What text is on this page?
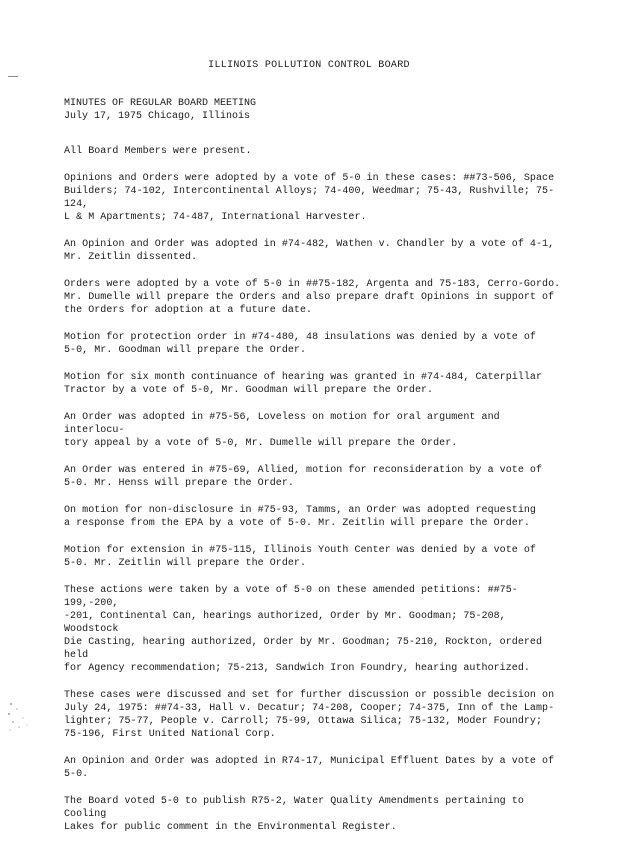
ILLINOIS POLLUTION CONTROL BOARD
MINUTES OF REGULAR BOARD MEETING
July 17, 1975 Chicago, Illinois

All Board Members were present.

Opinions and Orders were adopted by a vote of 5-0 in these cases: ##73-506, Space
Builders; 74-102, Intercontinental Alloys; 74-400, Weedmar; 75-43, Rushville; 75-124,
L & M Apartments; 74-487, International Harvester.

An Opinion and Order was adopted in #74-482, Wathen v. Chandler by a vote of 4-1,
Mr. Zeitlin dissented.

Orders were adopted by a vote of 5-0 in ##75-182, Argenta and 75-183, Cerro-Gordo.
Mr. Dumelle will prepare the Orders and also prepare draft Opinions in support of
the Orders for adoption at a future date.

Motion for protection order in #74-480, 48 insulations was denied by a vote of
5-0, Mr. Goodman will prepare the Order.

Motion for six month continuance of hearing was granted in #74-484, Caterpillar
Tractor by a vote of 5-0, Mr. Goodman will prepare the Order.

An Order was adopted in #75-56, Loveless on motion for oral argument and interlocu-
tory appeal by a vote of 5-0, Mr. Dumelle will prepare the Order.

An Order was entered in #75-69, Allied, motion for reconsideration by a vote of
5-0. Mr. Henss will prepare the Order.

On motion for non-disclosure in #75-93, Tamms, an Order was adopted requesting
a response from the EPA by a vote of 5-0. Mr. Zeitlin will prepare the Order.

Motion for extension in #75-115, Illinois Youth Center was denied by a vote of
5-0. Mr. Zeitlin will prepare the Order.

These actions were taken by a vote of 5-0 on these amended petitions: ##75-199,-200,
-201, Continental Can, hearings authorized, Order by Mr. Goodman; 75-208, Woodstock
Die Casting, hearing authorized, Order by Mr. Goodman; 75-210, Rockton, ordered held
for Agency recommendation; 75-213, Sandwich Iron Foundry, hearing authorized.

These cases were discussed and set for further discussion or possible decision on
July 24, 1975: ##74-33, Hall v. Decatur; 74-208, Cooper; 74-375, Inn of the Lamp-
lighter; 75-77, People v. Carroll; 75-99, Ottawa Silica; 75-132, Moder Foundry;
75-196, First United National Corp.

An Opinion and Order was adopted in R74-17, Municipal Effluent Dates by a vote of
5-0.

The Board voted 5-0 to publish R75-2, Water Quality Amendments pertaining to Cooling
Lakes for public comment in the Environmental Register.
